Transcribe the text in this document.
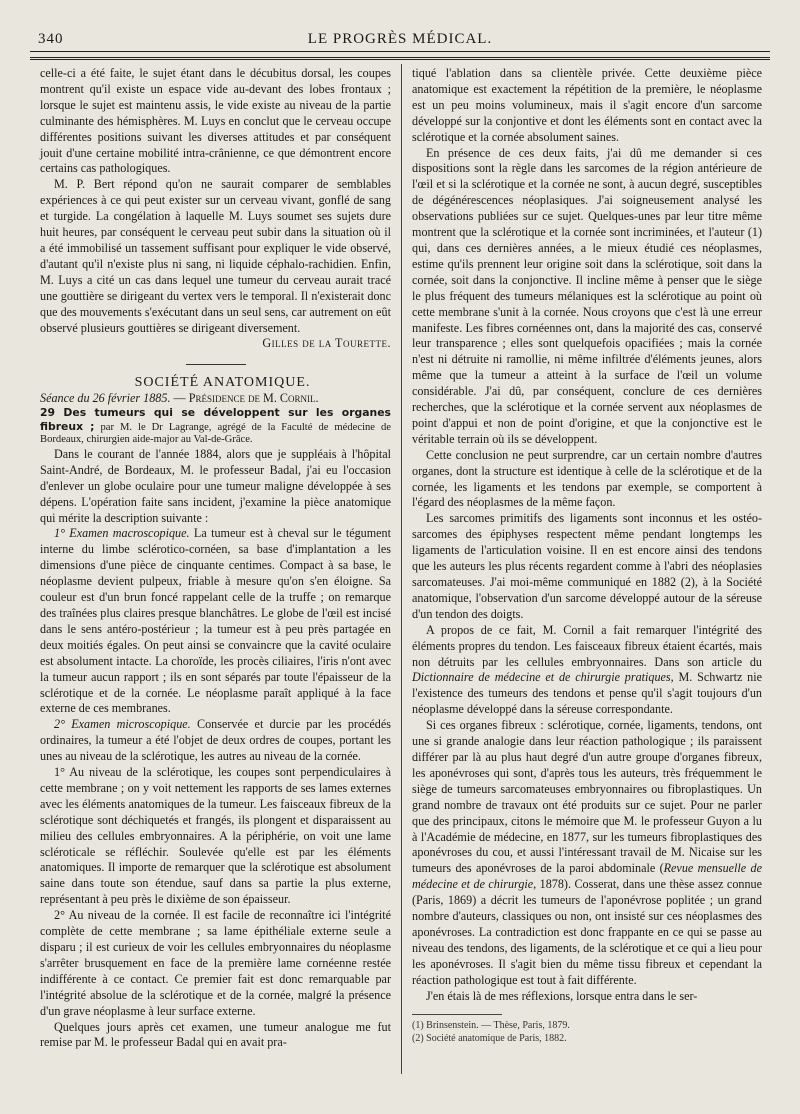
340	LE PROGRÈS MÉDICAL.

celle-ci a été faite, le sujet étant dans le décubitus dorsal, les coupes montrent qu'il existe un espace vide au-devant des lobes frontaux ; lorsque le sujet est maintenu assis, le vide existe au niveau de la partie culminante des hémisphères. M. Luys en conclut que le cerveau occupe différentes positions suivant les diverses attitudes et par conséquent jouit d'une certaine mobilité intra-crânienne, ce que démontrent encore certains cas pathologiques.

M. P. Bert répond qu'on ne saurait comparer de semblables expériences à ce qui peut exister sur un cerveau vivant, gonflé de sang et turgide. La congélation à laquelle M. Luys soumet ses sujets dure huit heures, par conséquent le cerveau peut subir dans la situation où il a été immobilisé un tassement suffisant pour expliquer le vide observé, d'autant qu'il n'existe plus ni sang, ni liquide céphalo-rachidien. Enfin, M. Luys a cité un cas dans lequel une tumeur du cerveau aurait tracé une gouttière se dirigeant du vertex vers le temporal. Il n'existerait donc que des mouvements s'exécutant dans un seul sens, car autrement on eût observé plusieurs gouttières se dirigeant diversement.

Gilles de la Tourette.

SOCIÉTÉ ANATOMIQUE.

Séance du 26 février 1885. — Présidence de M. Cornil.

29 Des tumeurs qui se développent sur les organes fibreux ; par M. le Dr Lagrange, agrégé de la Faculté de médecine de Bordeaux, chirurgien aide-major au Val-de-Grâce.

Dans le courant de l'année 1884, alors que je suppléais à l'hôpital Saint-André, de Bordeaux, M. le professeur Badal, j'ai eu l'occasion d'enlever un globe oculaire pour une tumeur maligne développée à ses dépens. L'opération faite sans incident, j'examine la pièce anatomique qui mérite la description suivante :

1° Examen macroscopique. La tumeur est à cheval sur le tégument interne du limbe sclérotico-cornéen, sa base d'implantation a les dimensions d'une pièce de cinquante centimes. Compact à sa base, le néoplasme devient pulpeux, friable à mesure qu'on s'en éloigne. Sa couleur est d'un brun foncé rappelant celle de la truffe ; on remarque des traînées plus claires presque blanchâtres. Le globe de l'œil est incisé dans le sens antéro-postérieur ; la tumeur est à peu près partagée en deux moitiés égales. On peut ainsi se convaincre que la cavité oculaire est absolument intacte. La choroïde, les procès ciliaires, l'iris n'ont avec la tumeur aucun rapport ; ils en sont séparés par toute l'épaisseur de la sclérotique et de la cornée. Le néoplasme paraît appliqué à la face externe de ces membranes.

2° Examen microscopique. Conservée et durcie par les procédés ordinaires, la tumeur a été l'objet de deux ordres de coupes, portant les unes au niveau de la sclérotique, les autres au niveau de la cornée.

1° Au niveau de la sclérotique, les coupes sont perpendiculaires à cette membrane ; on y voit nettement les rapports de ses lames externes avec les éléments anatomiques de la tumeur. Les faisceaux fibreux de la sclérotique sont déchiquetés et frangés, ils plongent et disparaissent au milieu des cellules embryonnaires. A la périphérie, on voit une lame scléroticale se réfléchir. Soulevée qu'elle est par les éléments anatomiques. Il importe de remarquer que la sclérotique est absolument saine dans toute son étendue, sauf dans sa partie la plus externe, représentant à peu près le dixième de son épaisseur.

2° Au niveau de la cornée. Il est facile de reconnaître ici l'intégrité complète de cette membrane ; sa lame épithéliale externe seule a disparu ; il est curieux de voir les cellules embryonnaires du néoplasme s'arrêter brusquement en face de la première lame cornéenne restée indifférente à ce contact. Ce premier fait est donc remarquable par l'intégrité absolue de la sclérotique et de la cornée, malgré la présence d'un grave néoplasme à leur surface externe.

Quelques jours après cet examen, une tumeur analogue me fut remise par M. le professeur Badal qui en avait pra-

tiqué l'ablation dans sa clientèle privée. Cette deuxième pièce anatomique est exactement la répétition de la première, le néoplasme est un peu moins volumineux, mais il s'agit encore d'un sarcome développé sur la conjontive et dont les éléments sont en contact avec la sclérotique et la cornée absolument saines.

En présence de ces deux faits, j'ai dû me demander si ces dispositions sont la règle dans les sarcomes de la région antérieure de l'œil et si la sclérotique et la cornée ne sont, à aucun degré, susceptibles de dégénérescences néoplasiques. J'ai soigneusement analysé les observations publiées sur ce sujet. Quelques-unes par leur titre même montrent que la sclérotique et la cornée sont incriminées, et l'auteur (1) qui, dans ces dernières années, a le mieux étudié ces néoplasmes, estime qu'ils prennent leur origine soit dans la sclérotique, soit dans la cornée, soit dans la conjonctive. Il incline même à penser que le siège le plus fréquent des tumeurs mélaniques est la sclérotique au point où cette membrane s'unit à la cornée. Nous croyons que c'est là une erreur manifeste. Les fibres cornéennes ont, dans la majorité des cas, conservé leur transparence ; elles sont quelquefois opacifiées ; mais la cornée n'est ni détruite ni ramollie, ni même infiltrée d'éléments jeunes, alors même que la tumeur a atteint à la surface de l'œil un volume considérable. J'ai dû, par conséquent, conclure de ces dernières recherches, que la sclérotique et la cornée servent aux néoplasmes de point d'appui et non de point d'origine, et que la conjonctive est le véritable terrain où ils se développent.

Cette conclusion ne peut surprendre, car un certain nombre d'autres organes, dont la structure est identique à celle de la sclérotique et de la cornée, les ligaments et les tendons par exemple, se comportent à l'égard des néoplasmes de la même façon.

Les sarcomes primitifs des ligaments sont inconnus et les ostéo-sarcomes des épiphyses respectent même pendant longtemps les ligaments de l'articulation voisine. Il en est encore ainsi des tendons que les auteurs les plus récents regardent comme à l'abri des néoplasies sarcomateuses. J'ai moi-même communiqué en 1882 (2), à la Société anatomique, l'observation d'un sarcome développé autour de la séreuse d'un tendon des doigts.

A propos de ce fait, M. Cornil a fait remarquer l'intégrité des éléments propres du tendon. Les faisceaux fibreux étaient écartés, mais non détruits par les cellules embryonnaires. Dans son article du Dictionnaire de médecine et de chirurgie pratiques, M. Schwartz nie l'existence des tumeurs des tendons et pense qu'il s'agit toujours d'un néoplasme développé dans la séreuse correspondante.

Si ces organes fibreux : sclérotique, cornée, ligaments, tendons, ont une si grande analogie dans leur réaction pathologique ; ils paraissent différer par là au plus haut degré d'un autre groupe d'organes fibreux, les aponévroses qui sont, d'après tous les auteurs, très fréquemment le siège de tumeurs sarcomateuses embryonnaires ou fibroplastiques. Un grand nombre de travaux ont été produits sur ce sujet. Pour ne parler que des principaux, citons le mémoire que M. le professeur Guyon a lu à l'Académie de médecine, en 1877, sur les tumeurs fibroplastiques des aponévroses du cou, et aussi l'intéressant travail de M. Nicaise sur les tumeurs des aponévroses de la paroi abdominale (Revue mensuelle de médecine et de chirurgie, 1878). Cosserat, dans une thèse assez connue (Paris, 1869) a décrit les tumeurs de l'aponévrose poplitée ; un grand nombre d'auteurs, classiques ou non, ont insisté sur ces néoplasmes des aponévroses. La contradiction est donc frappante en ce qui se passe au niveau des tendons, des ligaments, de la sclérotique et ce qui a lieu pour les aponévroses. Il s'agit bien du même tissu fibreux et cependant la réaction pathologique est tout à fait différente.

J'en étais là de mes réflexions, lorsque entra dans le ser-

(1) Brinsenstein. — Thèse, Paris, 1879.

(2) Société anatomique de Paris, 1882.
